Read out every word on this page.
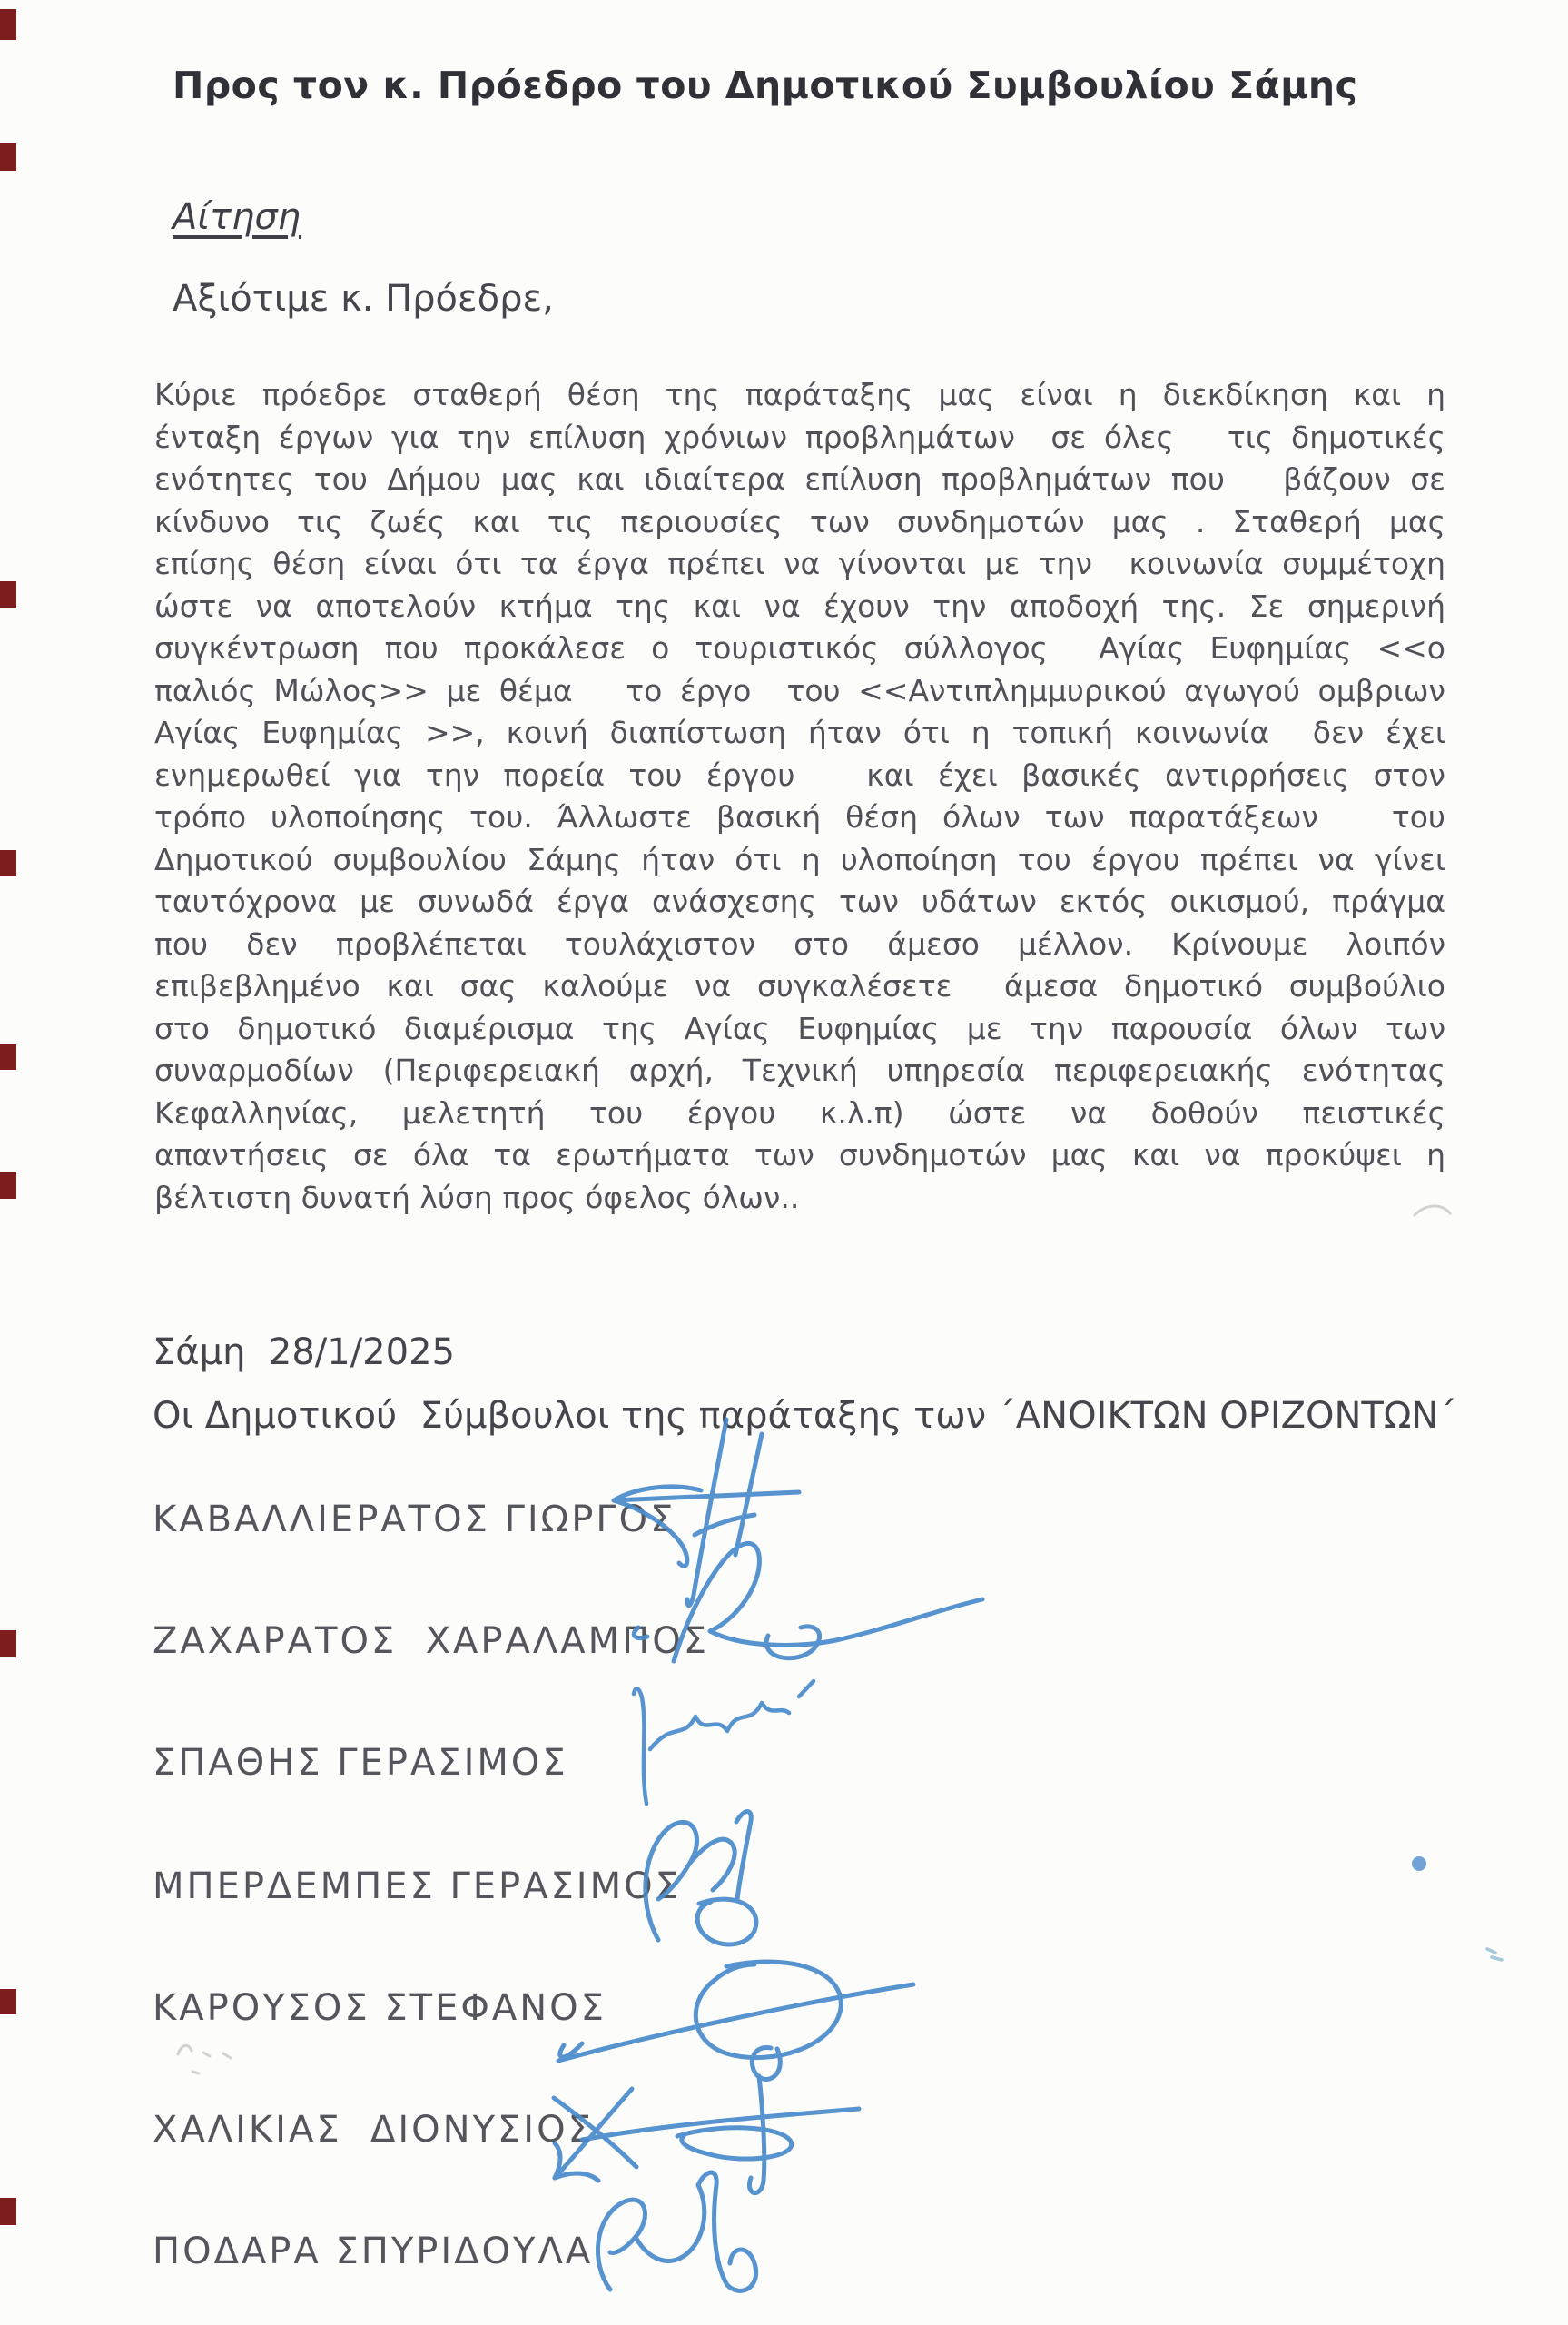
Προς τον κ. Πρόεδρο του Δημοτικού Συμβουλίου Σάμης
Αίτηση
Αξιότιμε κ. Πρόεδρε,
Κύριε πρόεδρε σταθερή θέση της παράταξης μας είναι η διεκδίκηση και η
ένταξη έργων για την επίλυση χρόνιων προβλημάτων  σε όλες   τις δημοτικές
ενότητες του Δήμου μας και ιδιαίτερα επίλυση προβλημάτων που   βάζουν σε
κίνδυνο τις ζωές και τις περιουσίες των συνδημοτών μας . Σταθερή μας
επίσης θέση είναι ότι τα έργα πρέπει να γίνονται με την  κοινωνία συμμέτοχη
ώστε να αποτελούν κτήμα της και να έχουν την αποδοχή της. Σε σημερινή
συγκέντρωση που προκάλεσε ο τουριστικός σύλλογος  Αγίας Ευφημίας <<ο
παλιός Μώλος>> με θέμα   το έργο  του <<Αντιπλημμυρικού αγωγού ομβριων
Αγίας Ευφημίας >>, κοινή διαπίστωση ήταν ότι η τοπική κοινωνία  δεν έχει
ενημερωθεί για την πορεία του έργου   και έχει βασικές αντιρρήσεις στον
τρόπο υλοποίησης του. Άλλωστε βασική θέση όλων των παρατάξεων   του
Δημοτικού συμβουλίου Σάμης ήταν ότι η υλοποίηση του έργου πρέπει να γίνει
ταυτόχρονα με συνωδά έργα ανάσχεσης των υδάτων εκτός οικισμού, πράγμα
που δεν προβλέπεται τουλάχιστον στο άμεσο μέλλον. Κρίνουμε λοιπόν
επιβεβλημένο και σας καλούμε να συγκαλέσετε  άμεσα δημοτικό συμβούλιο
στο δημοτικό διαμέρισμα της Αγίας Ευφημίας με την παρουσία όλων των
συναρμοδίων (Περιφερειακή αρχή, Τεχνική υπηρεσία περιφερειακής ενότητας
Κεφαλληνίας, μελετητή του έργου κ.λ.π) ώστε να δοθούν πειστικές
απαντήσεις σε όλα τα ερωτήματα των συνδημοτών μας και να προκύψει η
βέλτιστη δυνατή λύση προς όφελος όλων..
Σάμη  28/1/2025
Οι Δημοτικού  Σύμβουλοι της παράταξης των ΄ΑΝΟΙΚΤΩΝ ΟΡΙΖΟΝΤΩΝ΄
ΚΑΒΑΛΛΙΕΡΑΤΟΣ ΓΙΩΡΓΟΣ
ΖΑΧΑΡΑΤΟΣ  ΧΑΡΑΛΑΜΠΟΣ
ΣΠΑΘΗΣ ΓΕΡΑΣΙΜΟΣ
ΜΠΕΡΔΕΜΠΕΣ ΓΕΡΑΣΙΜΟΣ
ΚΑΡΟΥΣΟΣ ΣΤΕΦΑΝΟΣ
ΧΑΛΙΚΙΑΣ  ΔΙΟΝΥΣΙΟΣ
ΠΟΔΑΡΑ ΣΠΥΡΙΔΟΥΛΑ
